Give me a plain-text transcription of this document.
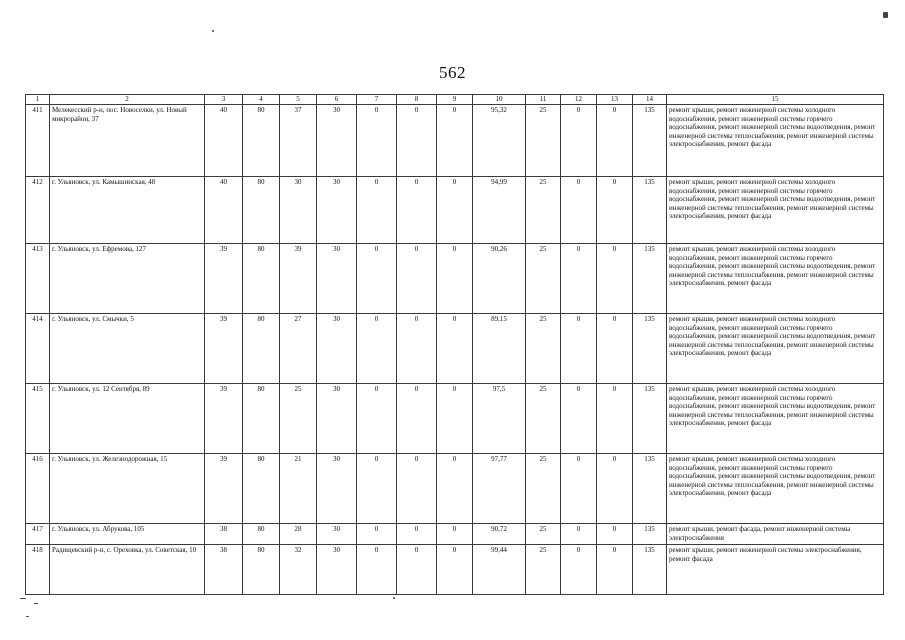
562
1	2	3	4	5	6	7	8	9	10	11	12	13	14	15
411	Мелекесский р-н, пос. Новоселки, ул. Новый микрорайон, 37	40	80	37	30	0	0	0	95,32	25	0	0	135	ремонт крыши, ремонт инженерной системы холодного водоснабжения, ремонт инженерной системы горячего водоснабжения, ремонт инженерной системы водоотведения, ремонт инженерной системы теплоснабжения, ремонт инженерной системы электроснабжения, ремонт фасада
412	г. Ульяновск, ул. Камышинская, 48	40	80	30	30	0	0	0	94,99	25	0	0	135	ремонт крыши, ремонт инженерной системы холодного водоснабжения, ремонт инженерной системы горячего водоснабжения, ремонт инженерной системы водоотведения, ремонт инженерной системы теплоснабжения, ремонт инженерной системы электроснабжения, ремонт фасада
413	г. Ульяновск, ул. Ефремова, 127	39	80	39	30	0	0	0	90,26	25	0	0	135	ремонт крыши, ремонт инженерной системы холодного водоснабжения, ремонт инженерной системы горячего водоснабжения, ремонт инженерной системы водоотведения, ремонт инженерной системы теплоснабжения, ремонт инженерной системы электроснабжения, ремонт фасада
414	г. Ульяновск, ул. Смычки, 5	39	80	27	30	0	0	0	89,15	25	0	0	135	ремонт крыши, ремонт инженерной системы холодного водоснабжения, ремонт инженерной системы горячего водоснабжения, ремонт инженерной системы водоотведения, ремонт инженерной системы теплоснабжения, ремонт инженерной системы электроснабжения, ремонт фасада
415	г. Ульяновск, ул. 12 Сентября, 89	39	80	25	30	0	0	0	97,5	25	0	0	135	ремонт крыши, ремонт инженерной системы холодного водоснабжения, ремонт инженерной системы горячего водоснабжения, ремонт инженерной системы водоотведения, ремонт инженерной системы теплоснабжения, ремонт инженерной системы электроснабжения, ремонт фасада
416	г. Ульяновск, ул. Железнодорожная, 15	39	80	21	30	0	0	0	97,77	25	0	0	135	ремонт крыши, ремонт инженерной системы холодного водоснабжения, ремонт инженерной системы горячего водоснабжения, ремонт инженерной системы водоотведения, ремонт инженерной системы теплоснабжения, ремонт инженерной системы электроснабжения, ремонт фасада
417	г. Ульяновск, ул. Абрукова, 105	38	80	28	30	0	0	0	90,72	25	0	0	135	ремонт крыши, ремонт фасада, ремонт инженерной системы электроснабжения
418	Радищевский р-н, с. Ореховка, ул. Советская, 10	38	80	32	30	0	0	0	99,44	25	0	0	135	ремонт крыши, ремонт инженерной системы электроснабжения, ремонт фасада
